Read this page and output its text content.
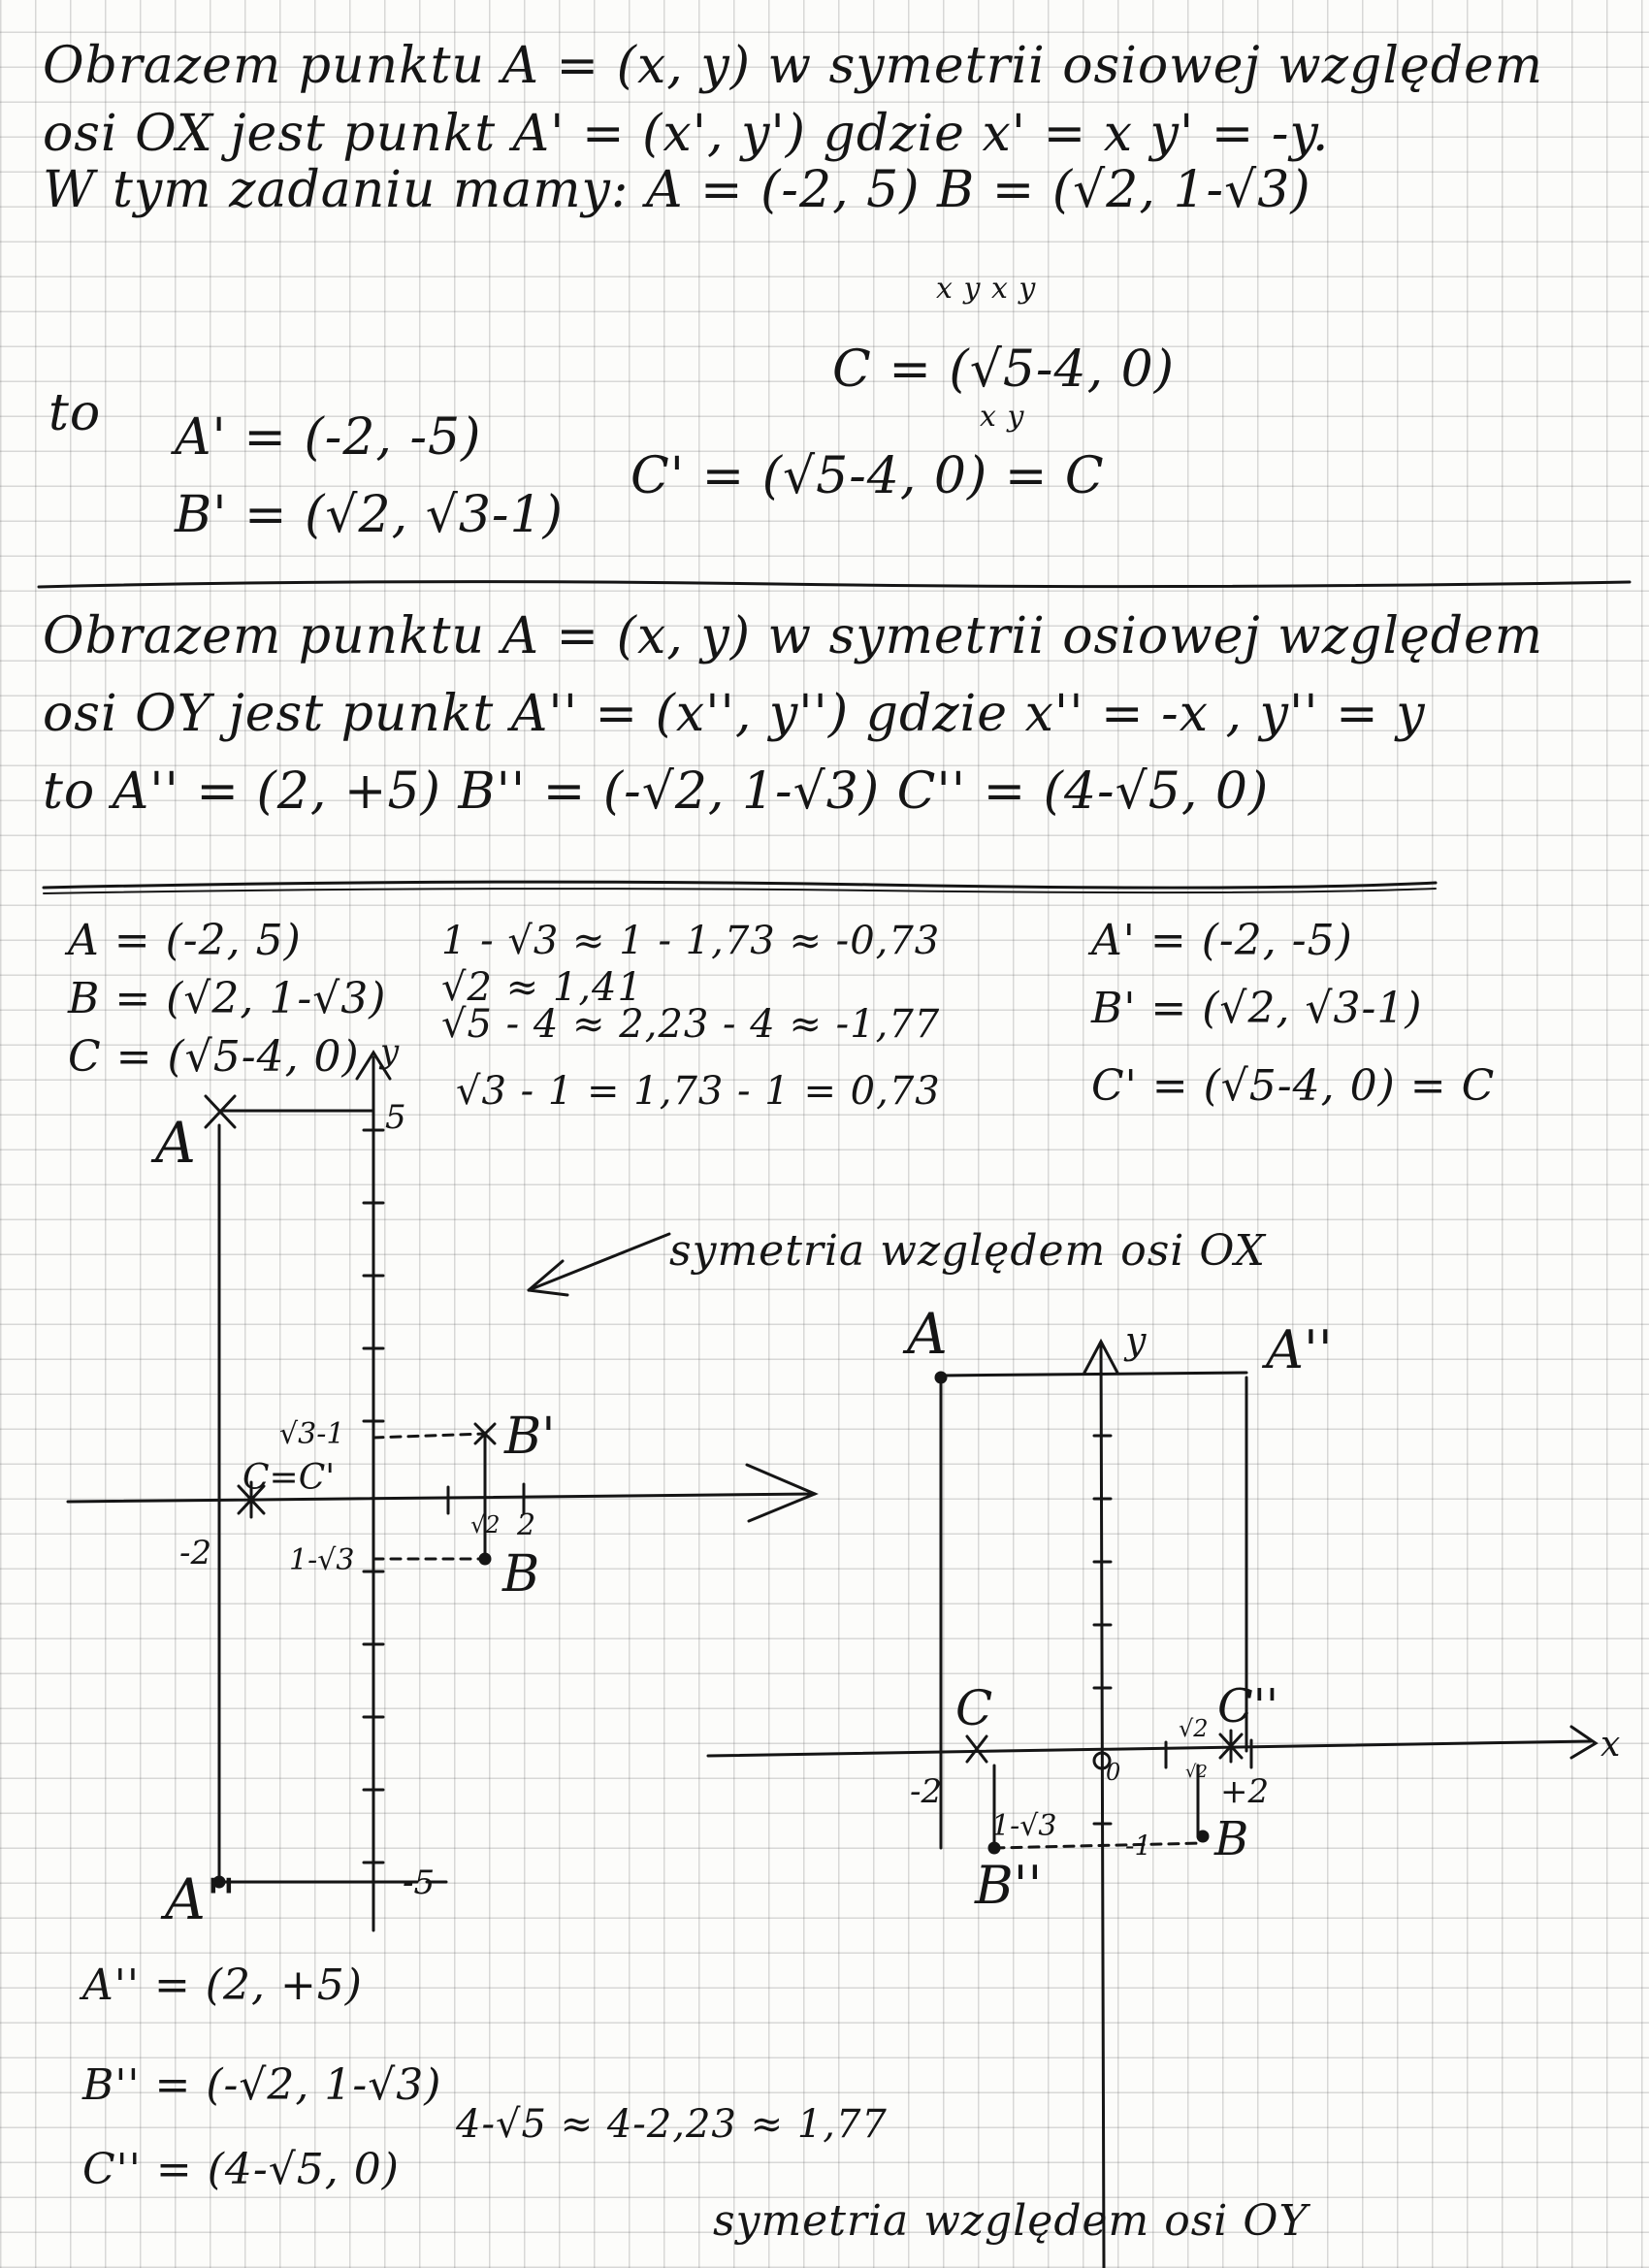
Obrazem punktu A = (x, y) w symetrii osiowej względem
osi OX jest punkt A' = (x', y') gdzie x' = x y' = -y.
W tym zadaniu mamy: A = (-2, 5) B = (√2, 1-√3)
x y x y
C = (√5-4, 0)
x y
to A' = (-2, -5)
B' = (√2, √3-1)
C' = (√5-4, 0) = C
Obrazem punktu A = (x, y) w symetrii osiowej względem
osi OY jest punkt A'' = (x'', y'') gdzie x'' = -x , y'' = y
to A'' = (2, +5) B'' = (-√2, 1-√3) C'' = (4-√5, 0)
A = (-2, 5)
B = (√2, 1-√3)
C = (√5-4, 0)
1 - √3 ≈ 1 - 1,73 ≈ -0,73
√2 ≈ 1,41
√5 - 4 ≈ 2,23 - 4 ≈ -1,77
√3 - 1 = 1,73 - 1 = 0,73
A' = (-2, -5)
B' = (√2, √3-1)
C' = (√5-4, 0) = C
symetria względem osi OX
A'' = (2, +5)
B'' = (-√2, 1-√3)
C'' = (4-√5, 0)
4-√5 ≈ 4-2,23 ≈ 1,77
symetria względem osi OY
y
5
-5
-2
2
√2
√3-1
1-√3
C=C'
A
A''
B
B'
A	A''
y
x
C	C''
-2	+2
0
-1
1-√3
√2
√2
B
B''
